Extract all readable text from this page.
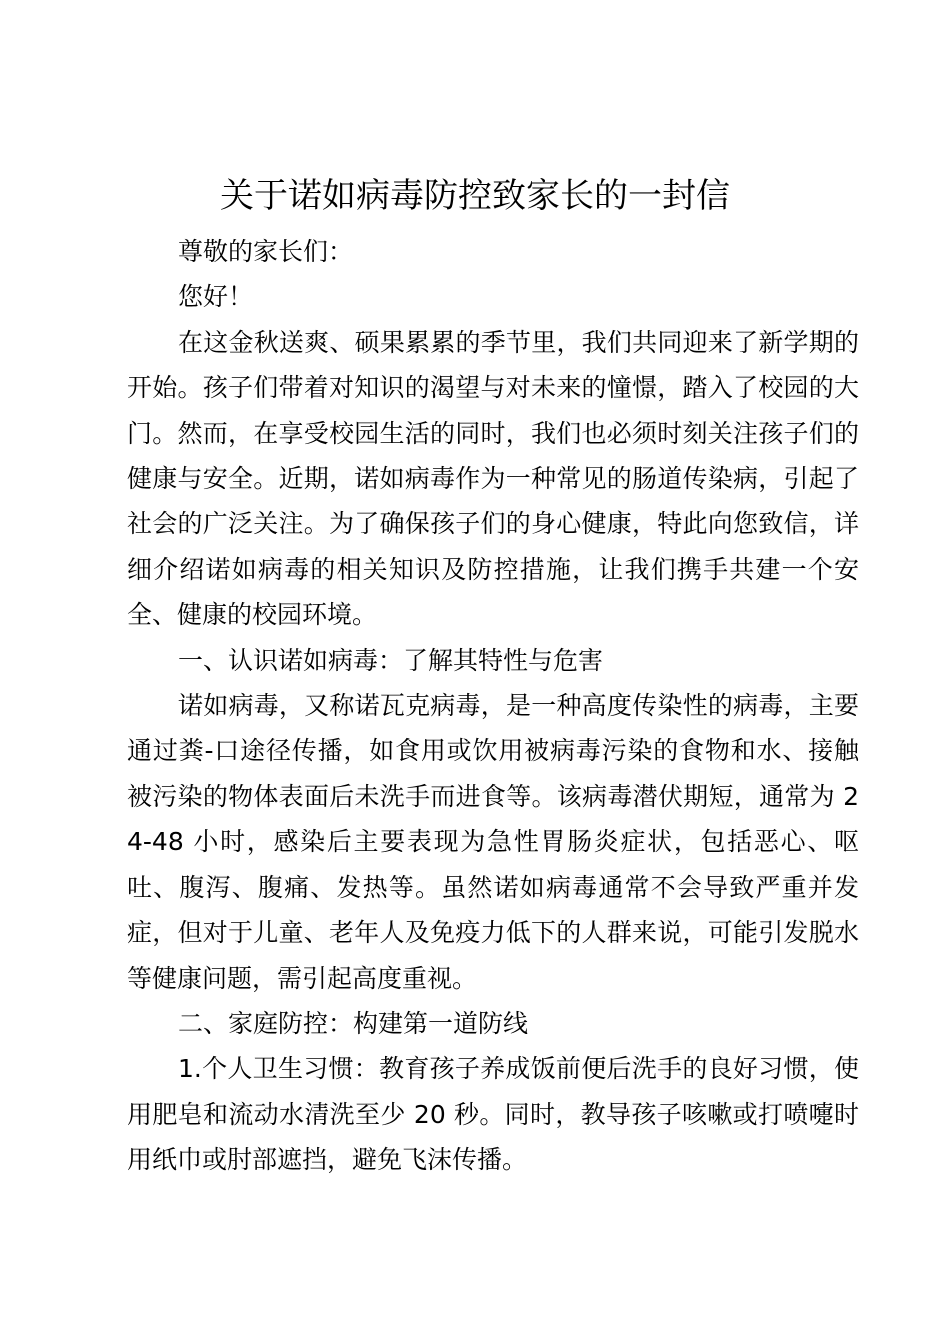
关于诺如病毒防控致家长的一封信

尊敬的家长们：

您好！

在这金秋送爽、硕果累累的季节里，我们共同迎来了新学期的开始。孩子们带着对知识的渴望与对未来的憧憬，踏入了校园的大门。然而，在享受校园生活的同时，我们也必须时刻关注孩子们的健康与安全。近期，诺如病毒作为一种常见的肠道传染病，引起了社会的广泛关注。为了确保孩子们的身心健康，特此向您致信，详细介绍诺如病毒的相关知识及防控措施，让我们携手共建一个安全、健康的校园环境。

一、认识诺如病毒：了解其特性与危害

诺如病毒，又称诺瓦克病毒，是一种高度传染性的病毒，主要通过粪-口途径传播，如食用或饮用被病毒污染的食物和水、接触被污染的物体表面后未洗手而进食等。该病毒潜伏期短，通常为 24-48 小时，感染后主要表现为急性胃肠炎症状，包括恶心、呕吐、腹泻、腹痛、发热等。虽然诺如病毒通常不会导致严重并发症，但对于儿童、老年人及免疫力低下的人群来说，可能引发脱水等健康问题，需引起高度重视。

二、家庭防控：构建第一道防线

1.个人卫生习惯：教育孩子养成饭前便后洗手的良好习惯，使用肥皂和流动水清洗至少 20 秒。同时，教导孩子咳嗽或打喷嚏时用纸巾或肘部遮挡，避免飞沫传播。
